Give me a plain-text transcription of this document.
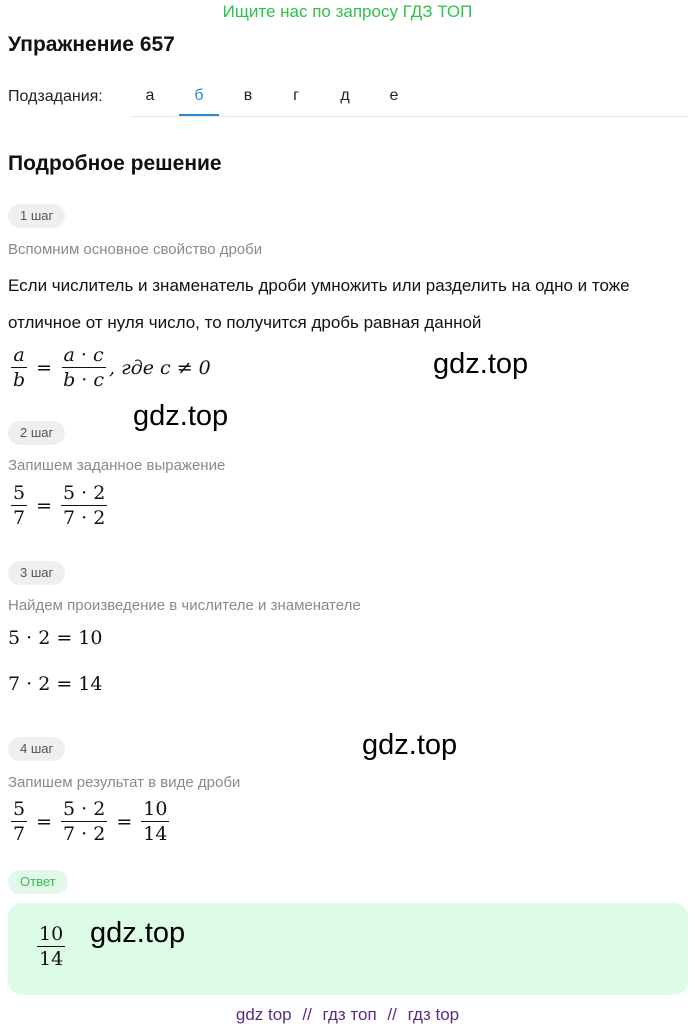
Ищите нас по запросу ГДЗ ТОП
Упражнение 657
Подзадания:	а	б	в	г	д	е
Подробное решение
1 шаг
Вспомним основное свойство дроби
Если числитель и знаменатель дроби умножить или разделить на одно и тоже
отличное от нуля число, то получится дробь равная данной
$\frac{a}{b} = \frac{a \cdot c}{b \cdot c}$ , где c ≠ 0	gdz.top
gdz.top
2 шаг
Запишем заданное выражение
$\frac{5}{7} = \frac{5 \cdot 2}{7 \cdot 2}$
3 шаг
Найдем произведение в числителе и знаменателе
5 · 2 = 10
7 · 2 = 14
gdz.top
4 шаг
Запишем результат в виде дроби
$\frac{5}{7} = \frac{5 \cdot 2}{7 \cdot 2} = \frac{10}{14}$
Ответ
$\frac{10}{14} gdz.top$
gdz top // гдз топ // гдз top
